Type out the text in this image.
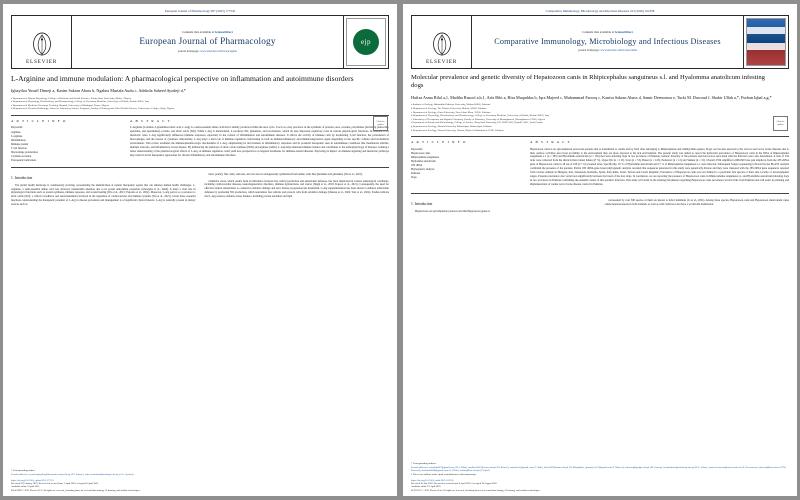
European Journal of Pharmacology 997 (2025) 177545
ELSEVIER
Contents lists available at ScienceDirect
European Journal of Pharmacology
journal homepage: www.elsevier.com/locate/ejphar
ejp
L-Arginine and immune modulation: A pharmacological perspective on inflammation and autoimmune disorders
Check for updates
Igbayiloa Yusuff Dimeji a, Kasim Sakran Abass b, Ngabea Murtala Audu c, Adekola Saheed Ayodeji d,*
a Department of Human Physiology, College of Medicine and Health Sciences, Kwara State University, Malete, Nigeria
b Department of Physiology, Biochemistry, and Pharmacology, College of Veterinary Medicine, University of Kirkuk, Kirkuk 36001, Iraq
c Department of Medicine/Veterinary Teaching Hospital, University of Maiduguri, Borno, Nigeria
d Department of Chemical Pathology, School of Laboratory Science Programs, Faculty of Nursing and Allied Health Sciences, University of Abuja, Abuja, Nigeria
A R T I C L E I N F O
Keywords:
Arginine
L-arginine
Inflammation
Immune system
T cell function
Macrophage polarization
Cytokine secretion
Therapeutic indications
A B S T R A C T

L-Arginine (2-Amino-5-guanidinovaleric acid, L-Arg) is a semi-essential amino acid that is mainly produced within the urea cycle. It acts as a key precursor in the synthesis of proteins, urea, creatine, polyamines (including putrescine, spermine, and spermidine), proline, and nitric oxide (NO). While L-Arg is metabolized, it produces NO, glutamate, and proclamates, which all play important regulatory roles in various physiological functions. In addition to its metabolic roles, L-Arg significantly influences immune responses, especially in the context of inflammation and autoimmune diseases. It affects the activity of immune cells by modulating T-cell function, the polarization of macrophages, and the release of cytokines. Importantly, L-Arg plays a dual role at immune regulation, functioning as both an immunostimulatory and immunosuppressive agent depending on the specific cellular and biochemical environment. This review examines the immunopharmacologic mechanisms of L-Arg, emphasizing its involvement in inflammatory responses and its potential therapeutic uses in autoimmune conditions like rheumatoid arthritis, multiple sclerosis, and inflammatory bowel disease. By influencing the pathways of nitric oxide synthase (NOS) and arginase (ARG), L-Arg helps maintain immune balance and contributes to the pathophysiology of diseases. Gaining a better understanding of the pharmacological effects of L-Arg on immune regulation could yield new perspectives on targeted treatments for immune-related diseases. Exploring its impact on immune signaling and metabolic pathways may result in novel therapeutic approaches for chronic inflammatory and autoimmune disorders.

1. Introduction

The global health landscape is continuously evolving, necessitating the identification of natural therapeutic agents that can enhance human health challenges. L-Arginine, a semi-essential amino acid, has attracted considerable attention due to its potent antioxidant properties (Gheorghe et al., 2024). It plays a vital role in physiological functions such as protein synthesis, immune response, and wound healing (Wu et al., 2021; Esposito et al., 2022). Moreover, L-Arg serves as a precursor to nitric oxide (NO), a critical vasodilator and neurotransmitter involved in the regulation of cardiovascular and immune systems (Wu et al., 2021). Given these essential functions, understanding the therapeutic potential of L-Arg in disease prevention and management is of significant clinical interest. L-Arg is naturally present in dietary sources such as

meat, poultry, fish, dairy, and nuts, and can also be endogenously synthesized from amino acids like glutamine and glutamate (Wu et al., 2021).

Oxidative stress, which results from an imbalance between free radical production and antioxidant defenses, has been implicated in various pathological conditions, including cardiovascular diseases, neurodegenerative disorders, immune dysfunctions, and cancer (Singh et al., 2019; Kapoor et al., 2021). Consequently, the need for effective natural antioxidants to counteract oxidative damage and slow disease progression has intensified. L-Arg supplementation has been shown to enhance antioxidant defenses by promoting NO production, which neutralizes free radicals and protects cells from oxidative damage (Okanan et al., 2024; Saiz et al., 2024). Studies indicate that L-Arg reduces oxidative stress markers, including protein oxidation and lipid

* Corresponding author.
E-mail addresses: yusuff.igbayiloa@kwasuniversity.edu.ng (I.Y. Dimeji), saheed.adekola@uniabuja.edu.ng (A.S. Ayodeji).
https://doi.org/10.1016/j.ejphar.2025.177515
Received 23 February 2025; Received in revised form 1 April 2025; Accepted 8 April 2025
Available online 9 April 2025
0014-2999/© 2025 Elsevier B.V. All rights are reserved, including those for text and data mining, AI training, and similar technologies.
Comparative Immunology, Microbiology and Infectious Diseases 103 (2026) 102358
ELSEVIER
Contents lists available at ScienceDirect
Comparative Immunology, Microbiology and Infectious Diseases
journal homepage: www.elsevier.com/locate/cimid
Molecular prevalence and genetic diversity of Hepatozoon canis in Rhipicephalus sanguineus s.l. and Hyalomma anatolicum infesting dogs
Check for updates
Hafiza Asma Bilal a,1, Madiha Rasool a,b,1, Arfa Bibi a, Hira Muqaddas b, Iqra Majeed c, Muhammad Farooq c, Kanisa Sakran Abass d, Samir Deenoussa e, Turki M. Dawoud f, Shakir Ullah a,*, Furhan Iqbal a,g,*
a Institute of Zoology, Bahauddin Zakariya University, Multan 60800, Pakistan
b Department of Zoology, The Women University, Multan, 60000, Pakistan
c Department of Zoology, Ghazi University, Dera Ghazi Khan, 32200, Pakistan
d Department of Physiology, Biochemistry, and Pharmacology, College of Veterinary Medicine, University of Kirkuk, Kirkuk 36001, Iraq
e Laboratory of Therapeutic and Organic Chemistry, Faculty of Pharmacy, University of Mostaghanem, Mostaghanem 27000, Algeria
f Department of Botany and Microbiology, College of Science, King Saud University, P.O. BOX 2455, Riyadh 11451, Saudi Arabia
g Department of Zoology, Islamia University Bahawalpur, Bahawalpur, Pakistan
h Department of Zoology, Hazara University, Hazara, Khyber Pakhtunkhwa 21300, Pakistan
A R T I C L E I N F O
Keywords:
Hepatozoon canis
Rhipicephalus sanguineus
Hyalomma anatolicum
18S rRNA
Phylogenetic analysis
Pakistan
Dogs
A B S T R A C T

Hepatozoon canis is an apicomplexan protozoan parasite that is transmitted to canids and by hard ticks belonging to Rhipicephalus and Amblyomma genera. Dogs can become exposed to the vectors and vector borne diseases due to their outdoor activities and closer proximity to the environment they are more exposed to the tick environment. The present study was aimed to report the molecular prevalence of Hepatozoon canis in the DNA of Rhipicephalus sanguineus s.l. (n = 385) and Hyalomma anatolicum (n = 165) that were infesting dogs in two provinces of Pakistan. Genetic diversity of the parasite and risk factors associated with the infection were also determined. A total of 104 ticks were collected from the districts Dera Ghazi Khan (47 %), Upper Dir (n = 115), Swat (n = 53), Buner (n = 123), Peshawar (n = 12) and Sukkur (n = 31). Overall, PCR amplified a 666-820 base pair amplicon from the 18S rRNA gene of Hepatozoon canis in 18 out of 169 (17 %) screened ticks. Specifically, 19 % of Hyalomma anatolicum and 17 % of Rhipicephalus sanguineus s.l. were infected. Subsequent Sanger sequencing followed by the BLAST analysis confirmed the presence of the parasite. Partial 18S rRNA gene based phylogenetic analysis revealed that sequences generated in this study were genetically diverse and they were clustered with the 18S rRNA gene sequences reported from various animals in Hungary, Iran, Venezuela, Romania, Spain, Italy India, Israel, Taiwan and Czech Republic. Prevalence of Hepatozoon canis was not limited to a particular tick species or their size, locality or developmental stages. Parasite prevalence also varied non significantly between the breed of the host dogs. In conclusion, we are reporting the presence of Hepatozoon canis in Rhipicephalus sanguineus s.l. and Hyalomma anatolicum infesting dogs in two provinces in Pakistan confirming the endemic nature of this parasitic infection. This study will assist in the existing information regarding Hepatozoon canis prevalence in hard ticks from Pakistan and will assist in planning and implementation of canine vector borne disease control in Pakistan.

1. Introduction

Hepatozoon are apicomplexan protozoa and this Hepatozoon genus is

represented by over 300 species of them are known to infect mammals (Li et al., 2021). Among these species, Hepatozoon canis and Hepatozoon americanum cause canine hepatozoonosis in both domestic as well as wild carnivores and have a worldwide distribution.

* Corresponding authors.
E-mail addresses: asmabilal07@gmail.com (H.A. Bilal), madiha.6007@wum.edu.pk (M. Rasool), arfanabeel@gmail.com (A. Bibi), hira.6387@wum.edu.pk (H. Muqaddas), iqramajeed17@gmail.com (I. Majeed), mfarooq@gudgk.edu.pk (M. Farooq), kasimsakran@uokirkuk.edu.iq (K.S. Abass), samir.deenoussa@univ-mosta.dz (S. Deenoussa), tdawoud@ksu.edu.sa (T.M. Dawoud), shakirullah98@gmail.com (S. Ullah), furhan@bzu.edu.pk (F. Iqbal).
1 These two authors made equal contributions to this manuscript.
https://doi.org/10.1016/j.cimid.2025.102358
Received 10 July 2025; Received in revised form 8 April 2025; Accepted 10 August 2025
Available online 19 April 2025
0147-9571/© 2025 Elsevier Ltd. All rights are reserved, including those for text and data mining, AI training, and similar technologies.
